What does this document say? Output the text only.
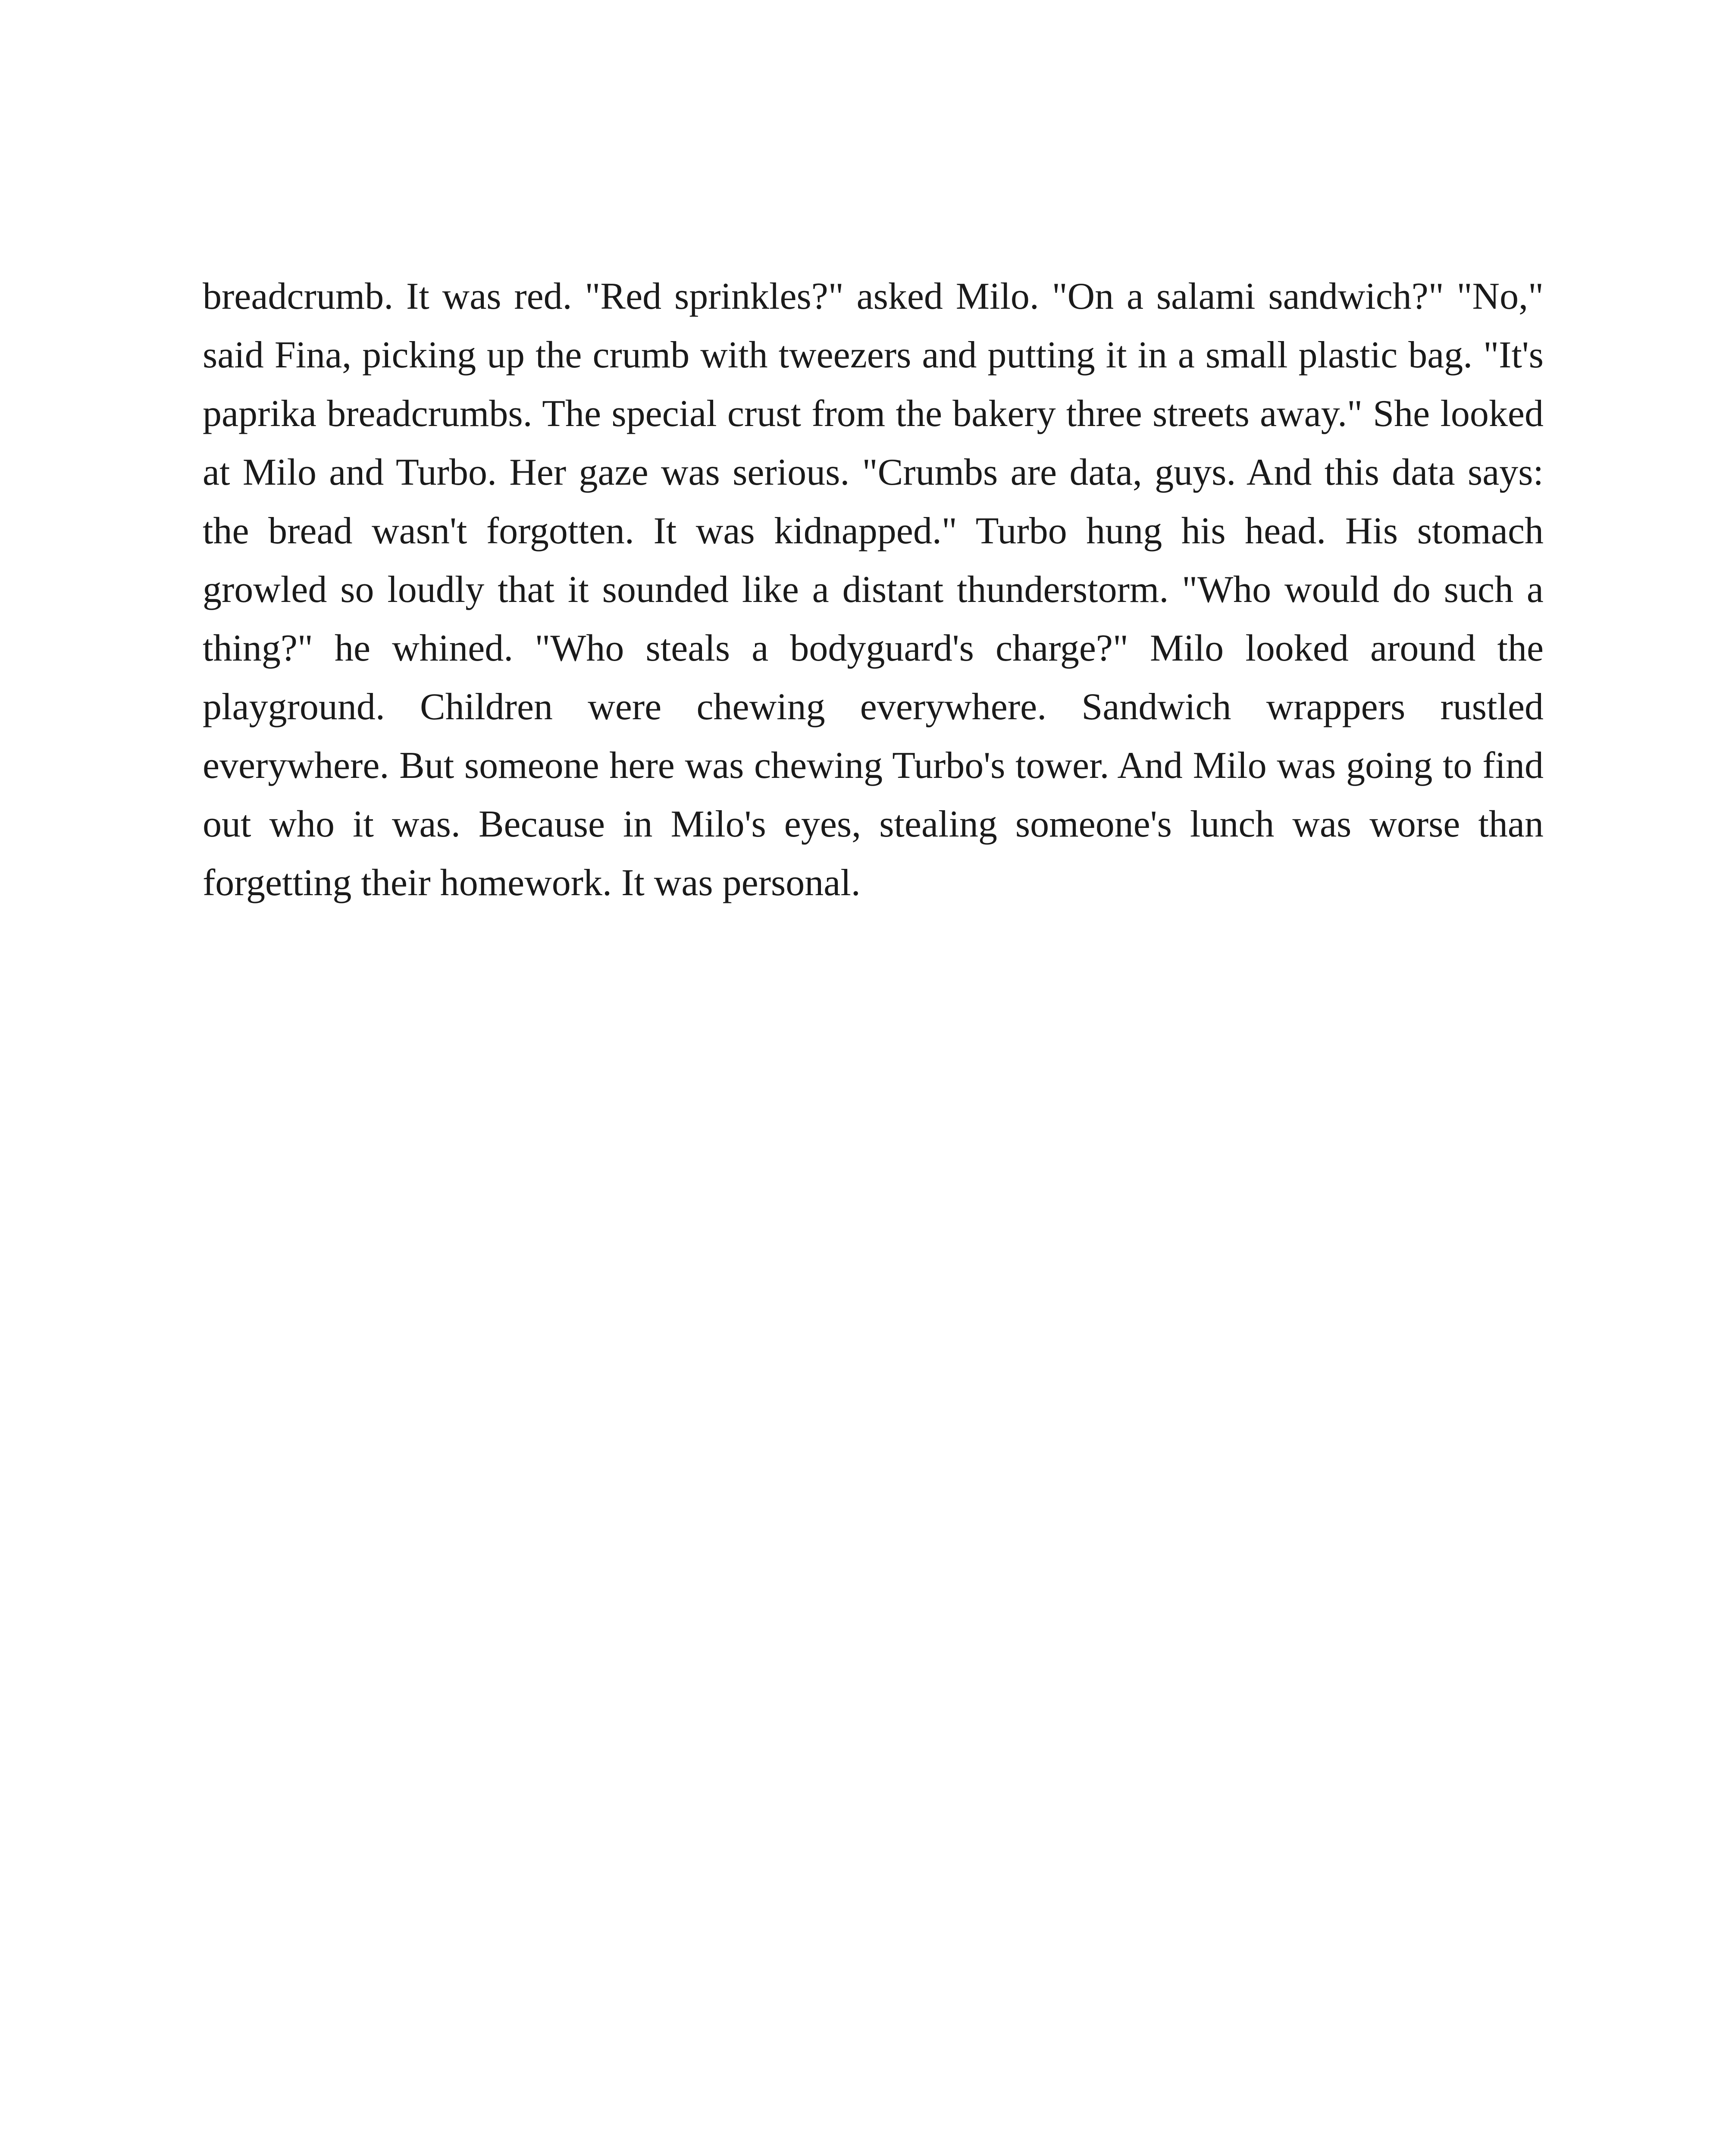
breadcrumb. It was red. "Red sprinkles?" asked Milo. "On a salami sandwich?" "No," said Fina, picking up the crumb with tweezers and putting it in a small plastic bag. "It's paprika breadcrumbs. The special crust from the bakery three streets away." She looked at Milo and Turbo. Her gaze was serious. "Crumbs are data, guys. And this data says: the bread wasn't forgotten. It was kidnapped." Turbo hung his head. His stomach growled so loudly that it sounded like a distant thunderstorm. "Who would do such a thing?" he whined. "Who steals a bodyguard's charge?" Milo looked around the playground. Children were chewing everywhere. Sandwich wrappers rustled everywhere. But someone here was chewing Turbo's tower. And Milo was going to find out who it was. Because in Milo's eyes, stealing someone's lunch was worse than forgetting their homework. It was personal.
